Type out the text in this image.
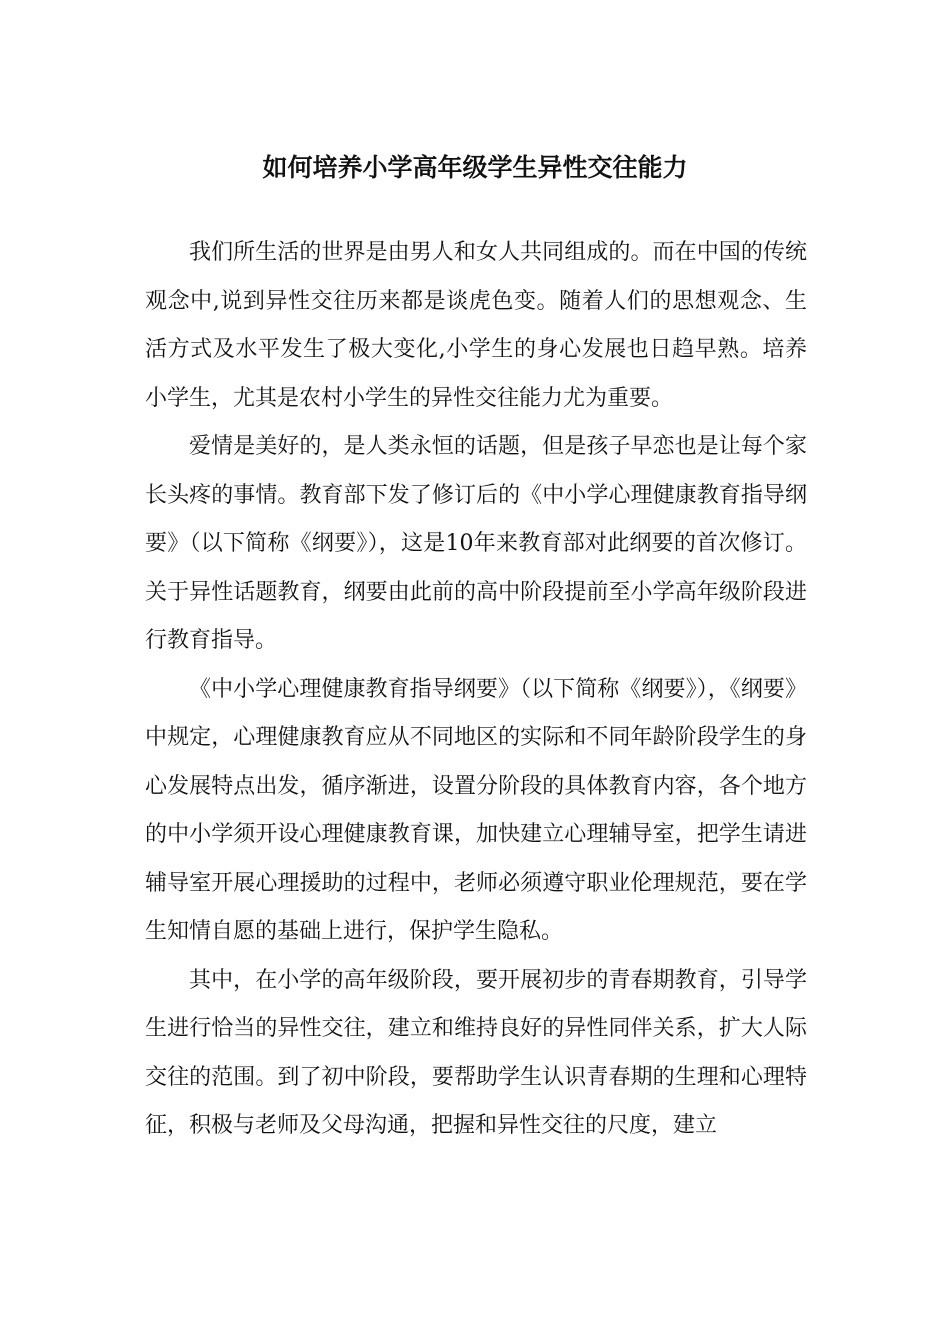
如何培养小学高年级学生异性交往能力

我们所生活的世界是由男人和女人共同组成的。而在中国的传统观念中,说到异性交往历来都是谈虎色变。随着人们的思想观念、生活方式及水平发生了极大变化,小学生的身心发展也日趋早熟。培养小学生，尤其是农村小学生的异性交往能力尤为重要。

爱情是美好的，是人类永恒的话题，但是孩子早恋也是让每个家长头疼的事情。教育部下发了修订后的《中小学心理健康教育指导纲要》（以下简称《纲要》），这是10年来教育部对此纲要的首次修订。关于异性话题教育，纲要由此前的高中阶段提前至小学高年级阶段进行教育指导。

《中小学心理健康教育指导纲要》（以下简称《纲要》），《纲要》中规定，心理健康教育应从不同地区的实际和不同年龄阶段学生的身心发展特点出发，循序渐进，设置分阶段的具体教育内容，各个地方的中小学须开设心理健康教育课，加快建立心理辅导室，把学生请进辅导室开展心理援助的过程中，老师必须遵守职业伦理规范，要在学生知情自愿的基础上进行，保护学生隐私。

其中，在小学的高年级阶段，要开展初步的青春期教育，引导学生进行恰当的异性交往，建立和维持良好的异性同伴关系，扩大人际交往的范围。到了初中阶段，要帮助学生认识青春期的生理和心理特征，积极与老师及父母沟通，把握和异性交往的尺度，建立
